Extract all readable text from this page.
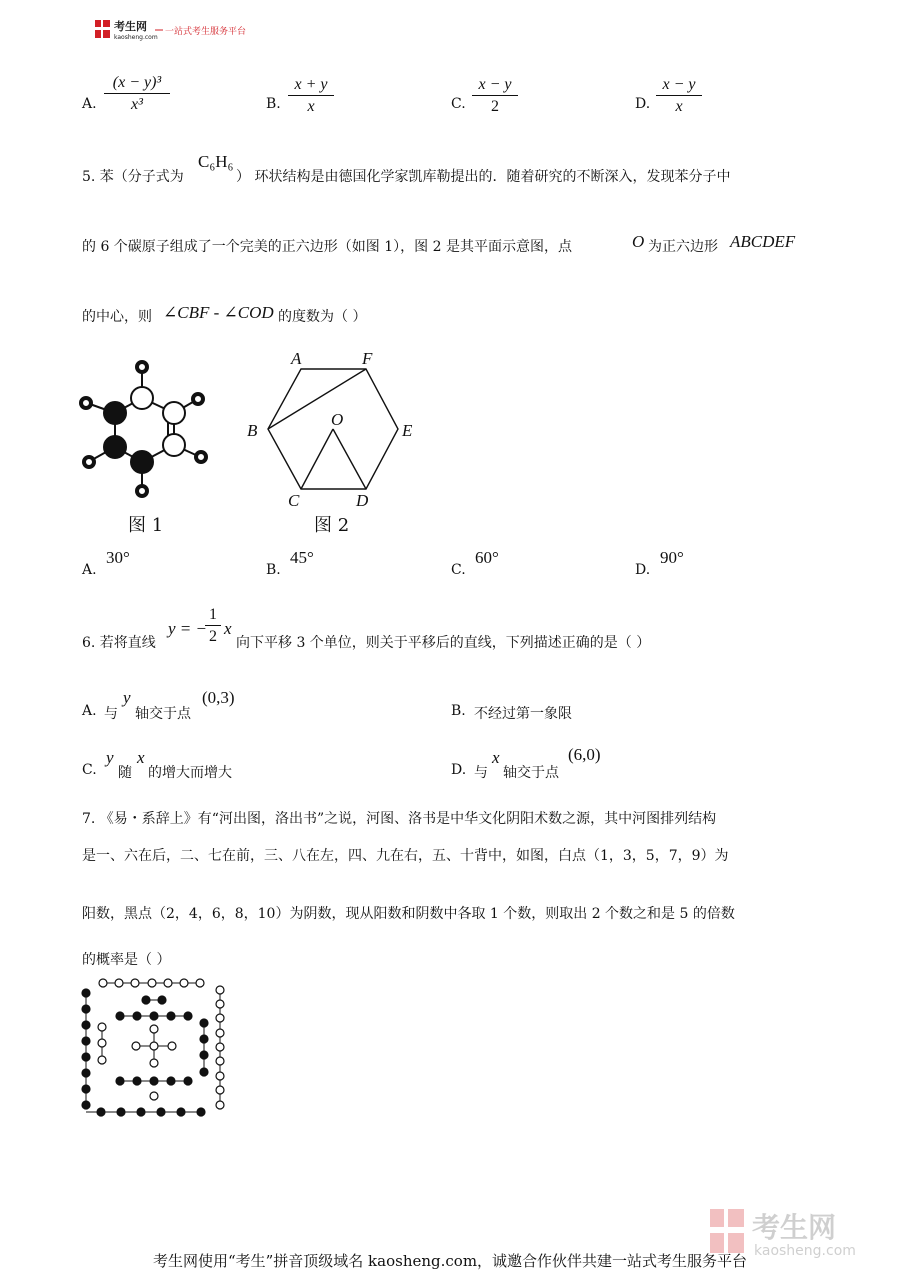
考生网
kaosheng.com
一站式考生服务平台
A. $\frac{\text{(x − y)³}}{\text{x³}}$	B. $\frac{x + y}{x}$	C. $\frac{x - y}{2}$	D. $\frac{x - y}{x}$
5. 苯（分子式为
C₆H₆
） 环状结构是由德国化学家凯库勒提出的．随着研究的不断深入，发现苯分子中
的 6 个碳原子组成了一个完美的正六边形（如图 1），图 2 是其平面示意图，点	O 为正六边形 ABCDEF
的中心，则 ∠CBF - ∠COD 的度数为（ ）
图 1
A	F
B
O
E
C	D
图 2
A.
30°
B.
45°
C.
60°
D.
90°
6. 若将直线
y = −
$\frac{1}{2}$ x
向下平移 3 个单位，则关于平移后的直线，下列描述正确的是（ ）
A. 与
y
轴交于点
(0,3)
B. 不经过第一象限
C.
y
随
x
的增大而增大	D. 与
x
轴交于点
(6,0)
7. 《易・系辞上》有“河出图，洛出书”之说，河图、洛书是中华文化阴阳术数之源，其中河图排列结构
是一、六在后，二、七在前，三、八在左，四、九在右，五、十背中，如图，白点（1，3，5，7，9）为
阳数，黑点（2，4，6，8，10）为阴数，现从阳数和阴数中各取 1 个数，则取出 2 个数之和是 5 的倍数
的概率是（ ）
考生网
kaosheng.com
考生网使用“考生”拼音顶级域名 kaosheng.com，诚邀合作伙伴共建一站式考生服务平台
